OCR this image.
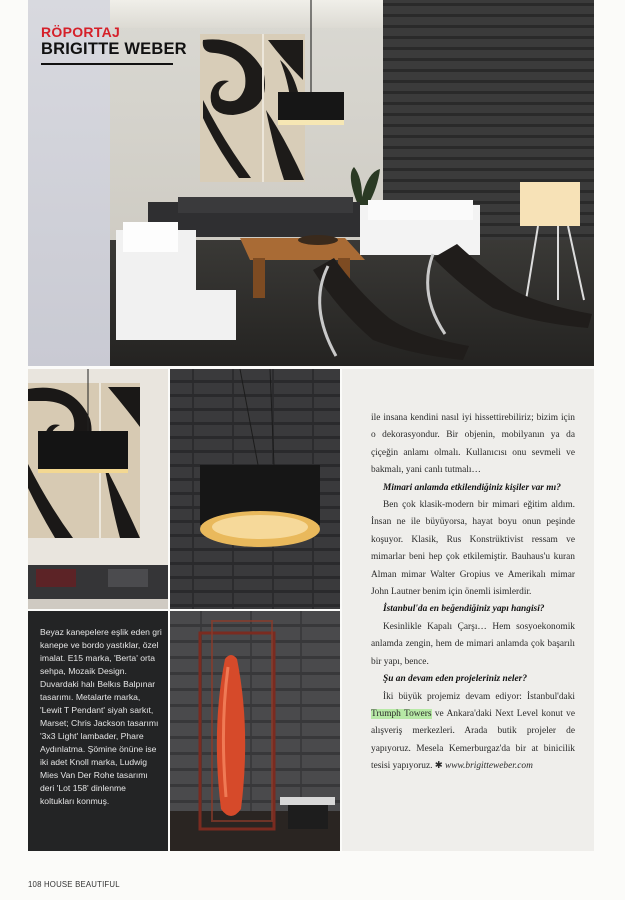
RÖPORTAJ
BRIGITTE WEBER

Beyaz kanepelere eşlik eden gri kanepe ve bordo yastıklar, özel imalat. E15 marka, 'Berta' orta sehpa, Mozaik Design. Duvardaki halı Belkıs Balpınar tasarımı. Metalarte marka, 'Lewit T Pendant' siyah sarkıt, Marset; Chris Jackson tasarımı '3x3 Light' lambader, Phare Aydınlatma. Şöminе önüne ise iki adet Knoll marka, Ludwig Mies Van Der Rohe tasarımı deri 'Lot 158' dinlenme koltukları konmuş.

ile insana kendini nasıl iyi hissettirebiliriz; bizim için o dekorasyondur. Bir objenin, mobilyanın ya da çiçeğin anlamı olmalı. Kullanıcısı onu sevmeli ve bakmalı, yani canlı tutmalı…

Mimari anlamda etkilendiğiniz kişiler var mı?

Ben çok klasik-modern bir mimari eğitim aldım. İnsan ne ile büyüyorsa, hayat boyu onun peşinde koşuyor. Klasik, Rus Konstrüktivist ressam ve mimarlar beni hep çok etkilemiştir. Bauhaus'u kuran Alman mimar Walter Gropius ve Amerikalı mimar John Lautner benim için önemli isimlerdir.

İstanbul'da en beğendiğiniz yapı hangisi?

Kesinlikle Kapalı Çarşı… Hem sosyoekonomik anlamda zengin, hem de mimari anlamda çok başarılı bir yapı, bence.

Şu an devam eden projeleriniz neler?

İki büyük projemiz devam ediyor: İstanbul'daki Trumph Towers ve Ankara'daki Next Level konut ve alışveriş merkezleri. Arada butik projeler de yapıyoruz. Mesela Kemerburgaz'da bir at binicilik tesisi yapıyoruz. ✱ www.brigitteweber.com

108 HOUSE BEAUTIFUL
